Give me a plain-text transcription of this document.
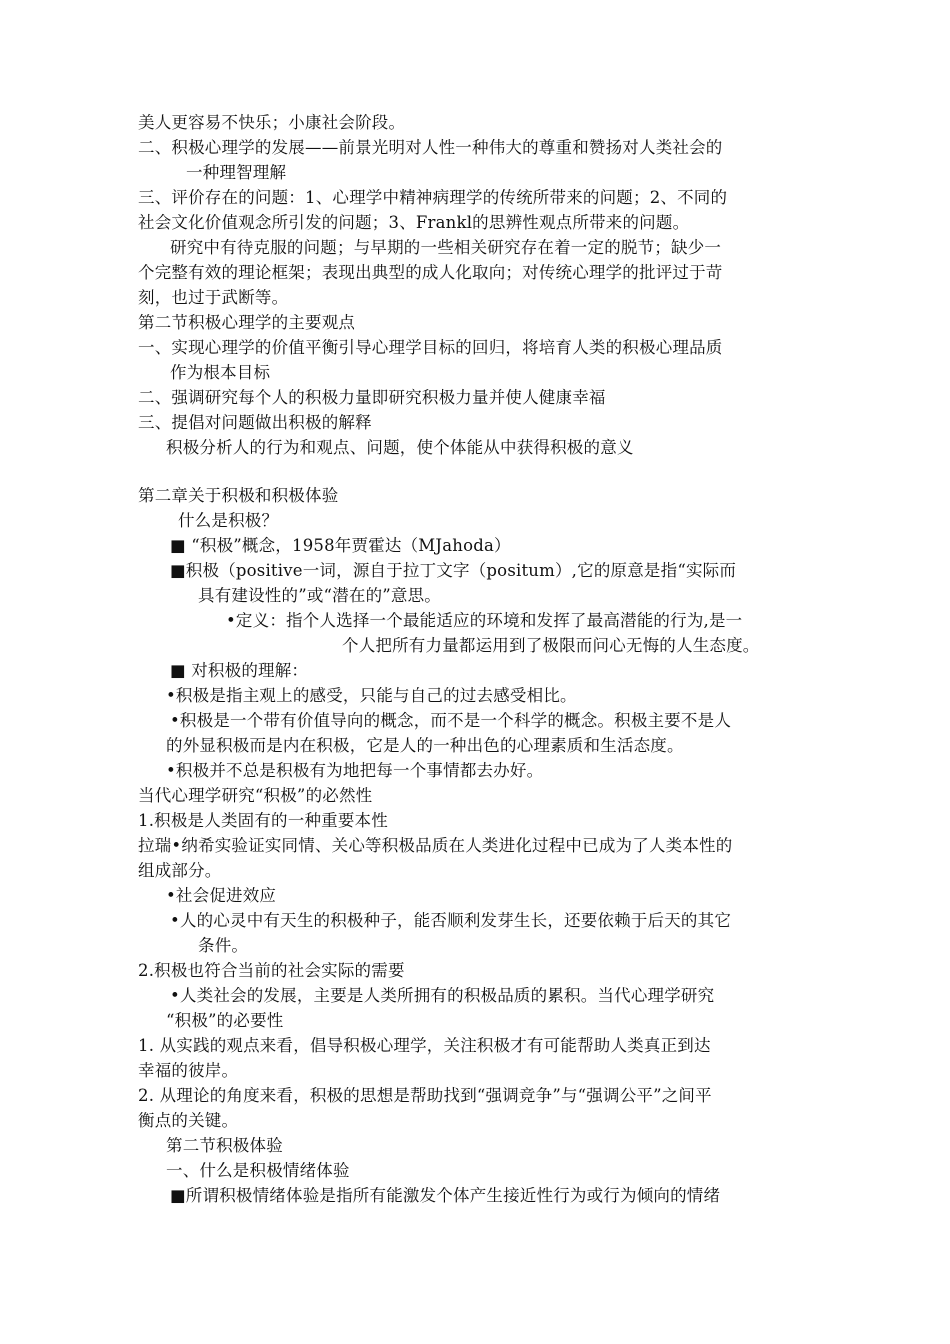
美人更容易不快乐；小康社会阶段。
二、积极心理学的发展——前景光明对人性一种伟大的尊重和赞扬对人类社会的
一种理智理解
三、评价存在的问题：1、心理学中精神病理学的传统所带来的问题；2、不同的
社会文化价值观念所引发的问题；3、Frankl的思辨性观点所带来的问题。
研究中有待克服的问题；与早期的一些相关研究存在着一定的脱节；缺少一
个完整有效的理论框架；表现出典型的成人化取向；对传统心理学的批评过于苛
刻，也过于武断等。
第二节积极心理学的主要观点
一、实现心理学的价值平衡引导心理学目标的回归，将培育人类的积极心理品质
作为根本目标
二、强调研究每个人的积极力量即研究积极力量并使人健康幸福
三、提倡对问题做出积极的解释
积极分析人的行为和观点、问题，使个体能从中获得积极的意义
第二章关于积极和积极体验
什么是积极？
■ “积极”概念，1958年贾霍达（MJahoda）
■积极（positive一词，源自于拉丁文字（positum）,它的原意是指“实际而
具有建设性的”或“潜在的”意思。
•定义：指个人选择一个最能适应的环境和发挥了最高潜能的行为,是一
个人把所有力量都运用到了极限而问心无悔的人生态度。
■ 对积极的理解：
•积极是指主观上的感受，只能与自己的过去感受相比。
•积极是一个带有价值导向的概念，而不是一个科学的概念。积极主要不是人
的外显积极而是内在积极，它是人的一种出色的心理素质和生活态度。
•积极并不总是积极有为地把每一个事情都去办好。
当代心理学研究“积极”的必然性
1.积极是人类固有的一种重要本性
拉瑞•纳希实验证实同情、关心等积极品质在人类进化过程中已成为了人类本性的
组成部分。
•社会促进效应
•人的心灵中有天生的积极种子，能否顺利发芽生长，还要依赖于后天的其它
条件。
2.积极也符合当前的社会实际的需要
•人类社会的发展，主要是人类所拥有的积极品质的累积。当代心理学研究
“积极”的必要性
1. 从实践的观点来看，倡导积极心理学，关注积极才有可能帮助人类真正到达
幸福的彼岸。
2. 从理论的角度来看，积极的思想是帮助找到“强调竞争”与“强调公平”之间平
衡点的关键。
第二节积极体验
一、什么是积极情绪体验
■所谓积极情绪体验是指所有能激发个体产生接近性行为或行为倾向的情绪
